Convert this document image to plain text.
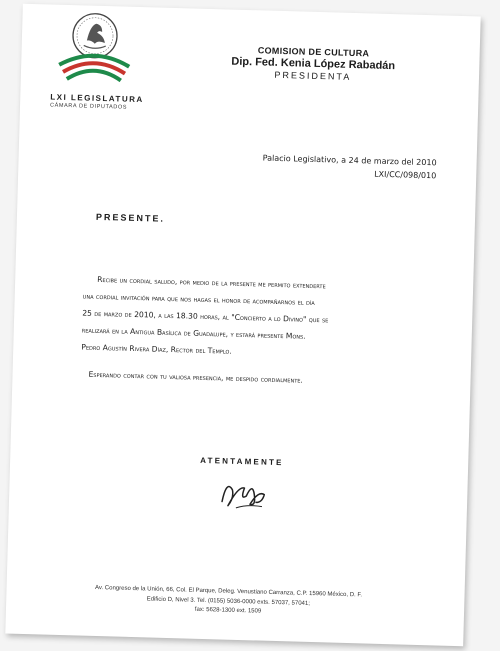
LXI LEGISLATURA
CÁMARA DE DIPUTADOS
COMISION DE CULTURA
Dip. Fed. Kenia López Rabadán
PRESIDENTA
Palacio Legislativo, a 24 de marzo del 2010
LXI/CC/098/010
PRESENTE.

Recibe un cordial saludo, por medio de la presente me permito extenderte

una cordial invitación para que nos hagas el honor de acompañarnos el día
25 de marzo de 2010, a las 18.30 horas, al "Concierto a lo Divino" que se
realizará en la Antigua Basílica de Guadalupe, y estará presente Mons.
Pedro Agustín Rivera Díaz, Rector del Templo.
Esperando contar con tu valiosa presencia, me despido cordialmente.
ATENTAMENTE
Av. Congreso de la Unión, 66, Col. El Parque, Deleg. Venustiano Carranza, C.P. 15960 México, D. F.
Edificio D, Nivel 3. Tel. (0155) 5036-0000 exts. 57037, 57041;
fax: 5628-1300 ext. 1509
